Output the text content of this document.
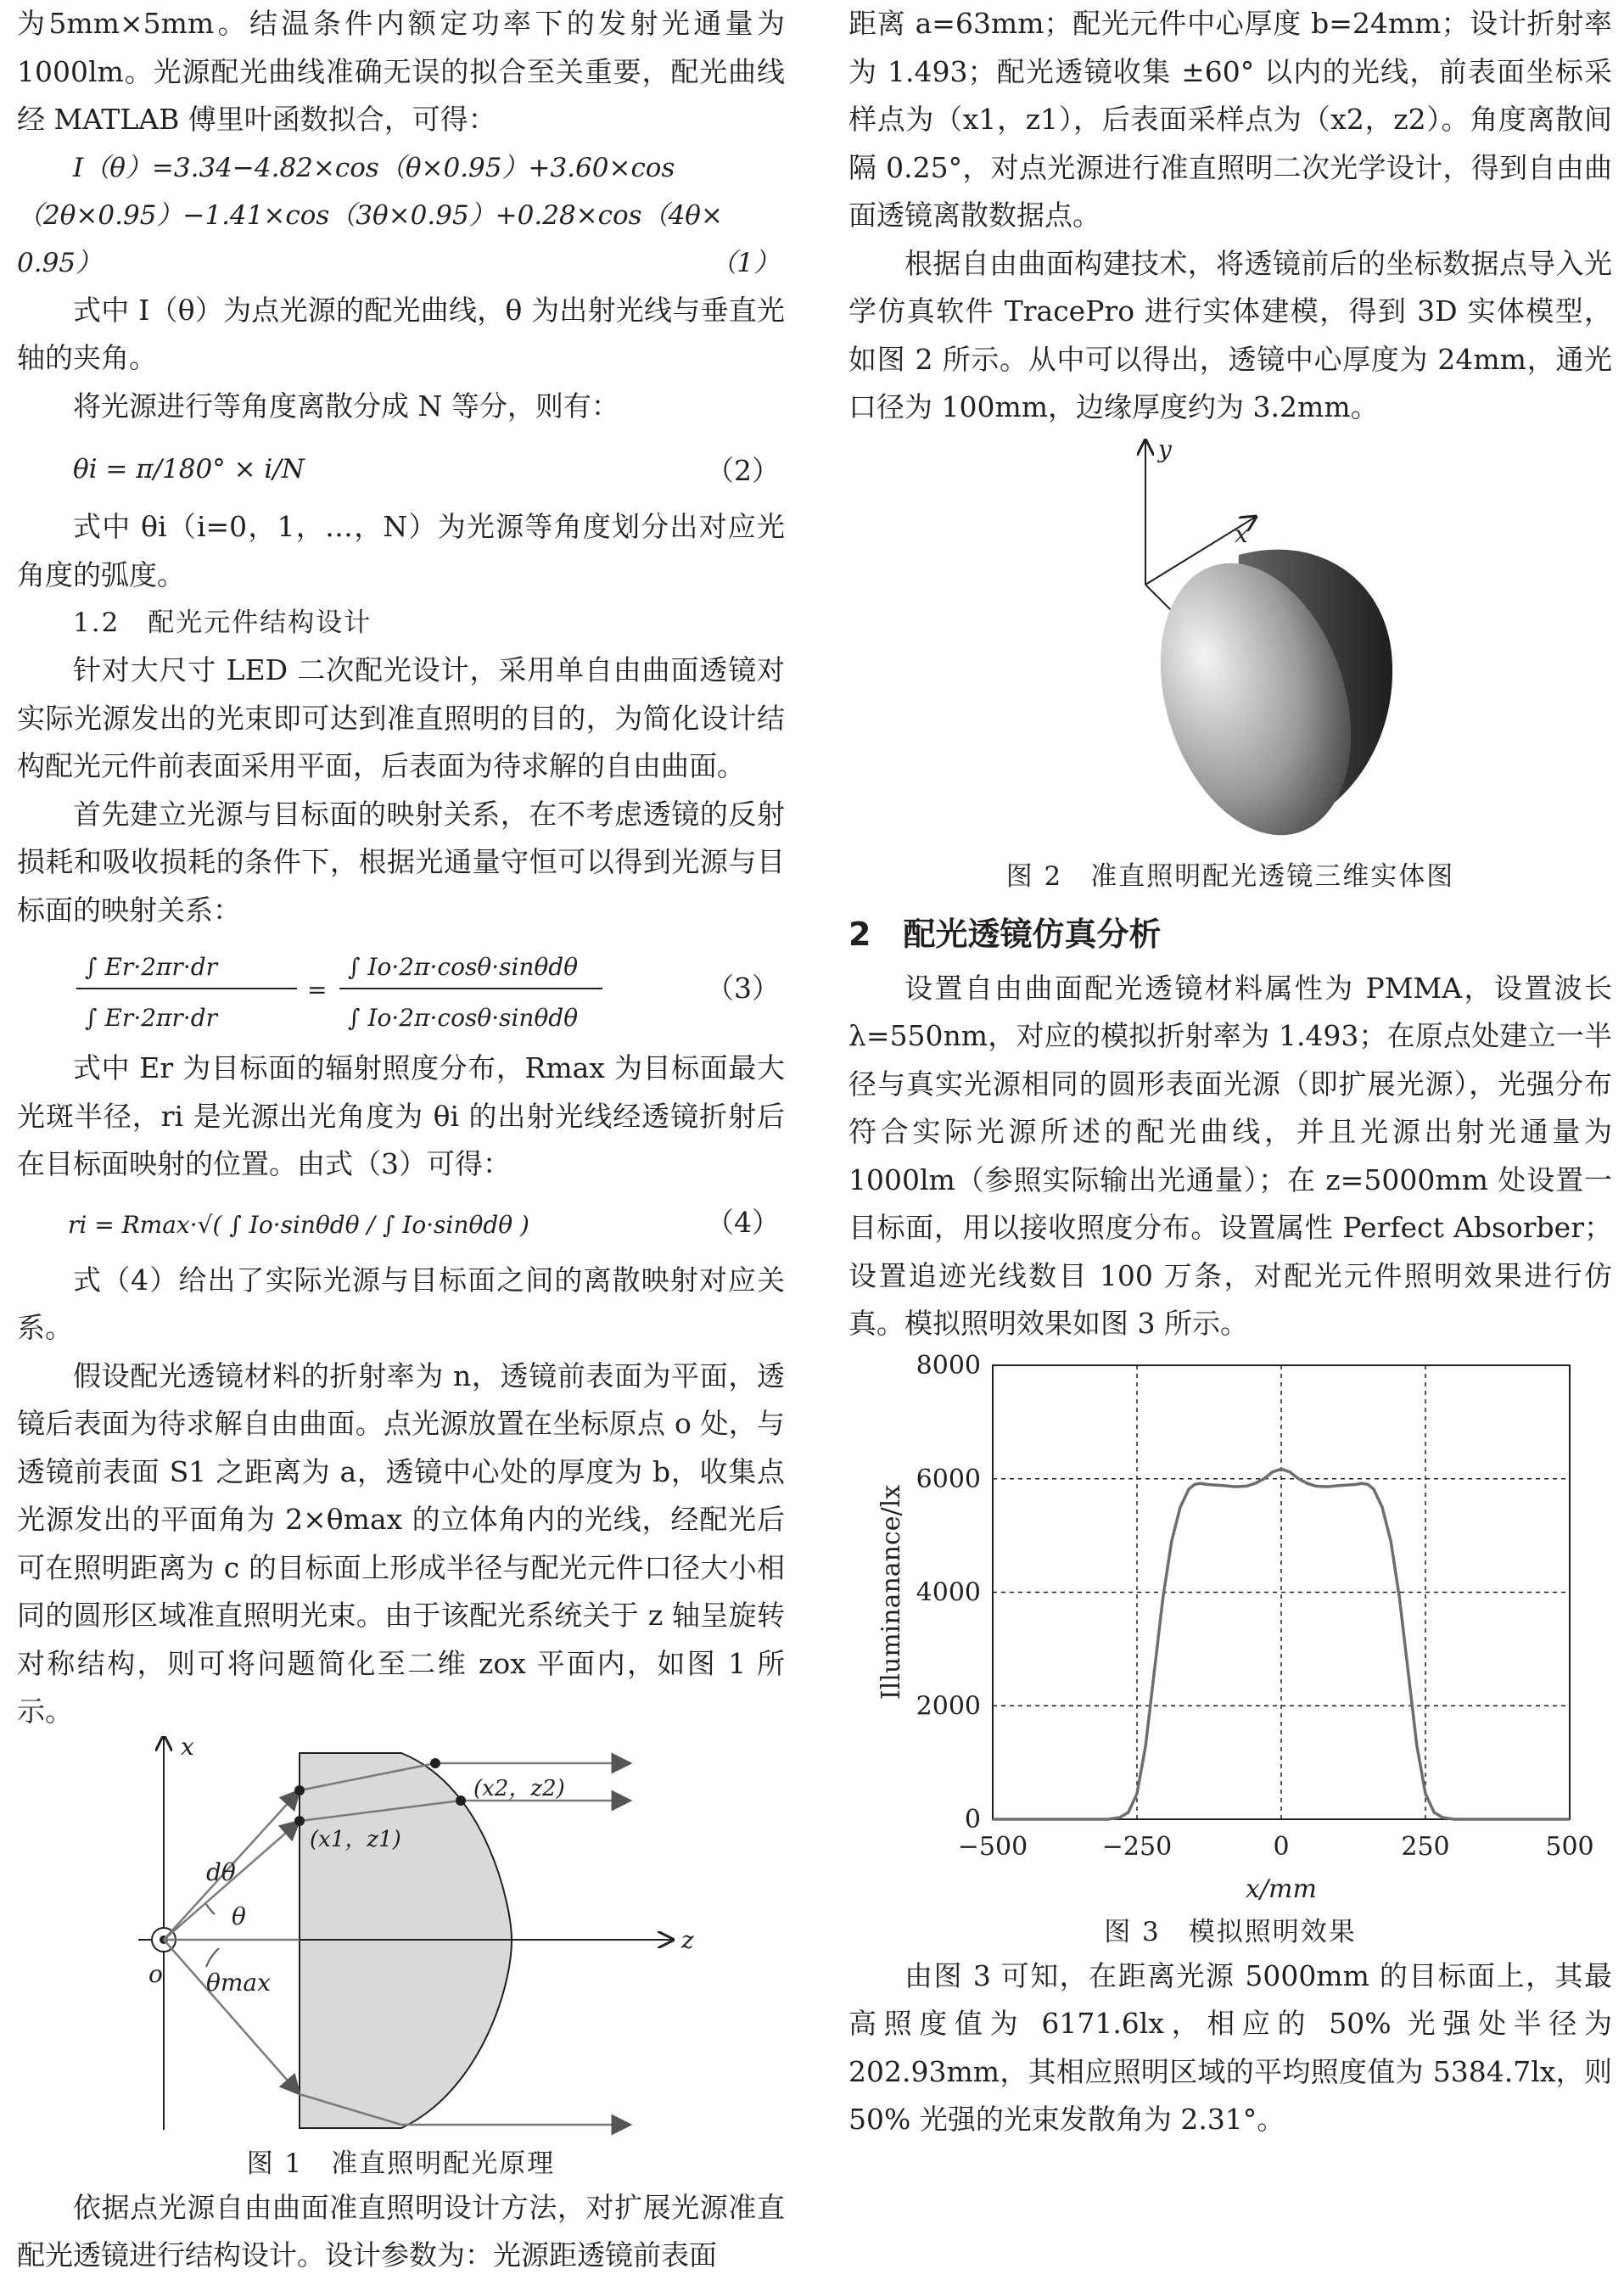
为5mm×5mm。结温条件内额定功率下的发射光通量为1000lm。光源配光曲线准确无误的拟合至关重要，配光曲线经 MATLAB 傅里叶函数拟合，可得：

I（θ）=3.34−4.82×cos（θ×0.95）+3.60×cos

（2θ×0.95）−1.41×cos（3θ×0.95）+0.28×cos（4θ×

0.95）	（1）

式中 I（θ）为点光源的配光曲线，θ 为出射光线与垂直光轴的夹角。

将光源进行等角度离散分成 N 等分，则有：

θi = π/180° × i/N	（2）

式中 θi（i=0，1，…，N）为光源等角度划分出对应光角度的弧度。

1.2　配光元件结构设计

针对大尺寸 LED 二次配光设计，采用单自由曲面透镜对实际光源发出的光束即可达到准直照明的目的，为简化设计结构配光元件前表面采用平面，后表面为待求解的自由曲面。

首先建立光源与目标面的映射关系，在不考虑透镜的反射损耗和吸收损耗的条件下，根据光通量守恒可以得到光源与目标面的映射关系：

∫ Er·2πr·dr
∫ Er·2πr·dr
=
∫ Io·2π·cosθ·sinθdθ
∫ Io·2π·cosθ·sinθdθ
（3）

式中 Er 为目标面的辐射照度分布，Rmax 为目标面最大光斑半径，ri 是光源出光角度为 θi 的出射光线经透镜折射后在目标面映射的位置。由式（3）可得：

ri = Rmax·√( ∫ Io·sinθdθ / ∫ Io·sinθdθ )	（4）

式（4）给出了实际光源与目标面之间的离散映射对应关系。

假设配光透镜材料的折射率为 n，透镜前表面为平面，透镜后表面为待求解自由曲面。点光源放置在坐标原点 o 处，与透镜前表面 S1 之距离为 a，透镜中心处的厚度为 b，收集点光源发出的平面角为 2×θmax 的立体角内的光线，经配光后可在照明距离为 c 的目标面上形成半径与配光元件口径大小相同的圆形区域准直照明光束。由于该配光系统关于 z 轴呈旋转对称结构，则可将问题简化至二维 zox 平面内，如图 1 所示。

x
z
o
dθ
θ
θmax
(x1，z1)
(x2，z2)

图 1　准直照明配光原理

依据点光源自由曲面准直照明设计方法，对扩展光源准直配光透镜进行结构设计。设计参数为：光源距透镜前表面

距离 a=63mm；配光元件中心厚度 b=24mm；设计折射率为 1.493；配光透镜收集 ±60° 以内的光线，前表面坐标采样点为（x1，z1），后表面采样点为（x2，z2）。角度离散间隔 0.25°，对点光源进行准直照明二次光学设计，得到自由曲面透镜离散数据点。

根据自由曲面构建技术，将透镜前后的坐标数据点导入光学仿真软件 TracePro 进行实体建模，得到 3D 实体模型，如图 2 所示。从中可以得出，透镜中心厚度为 24mm，通光口径为 100mm，边缘厚度约为 3.2mm。

y
x

图 2　准直照明配光透镜三维实体图

2　配光透镜仿真分析

设置自由曲面配光透镜材料属性为 PMMA，设置波长 λ=550nm，对应的模拟折射率为 1.493；在原点处建立一半径与真实光源相同的圆形表面光源（即扩展光源），光强分布符合实际光源所述的配光曲线，并且光源出射光通量为 1000lm（参照实际输出光通量）；在 z=5000mm 处设置一目标面，用以接收照度分布。设置属性 Perfect Absorber；设置追迹光线数目 100 万条，对配光元件照明效果进行仿真。模拟照明效果如图 3 所示。

−500	−250	0	250	500
0
2000
4000
6000
8000
Illuminanance/lx
x/mm

图 3　模拟照明效果

由图 3 可知，在距离光源 5000mm 的目标面上，其最高照度值为 6171.6lx，相应的 50% 光强处半径为 202.93mm，其相应照明区域的平均照度值为 5384.7lx，则 50% 光强的光束发散角为 2.31°。
